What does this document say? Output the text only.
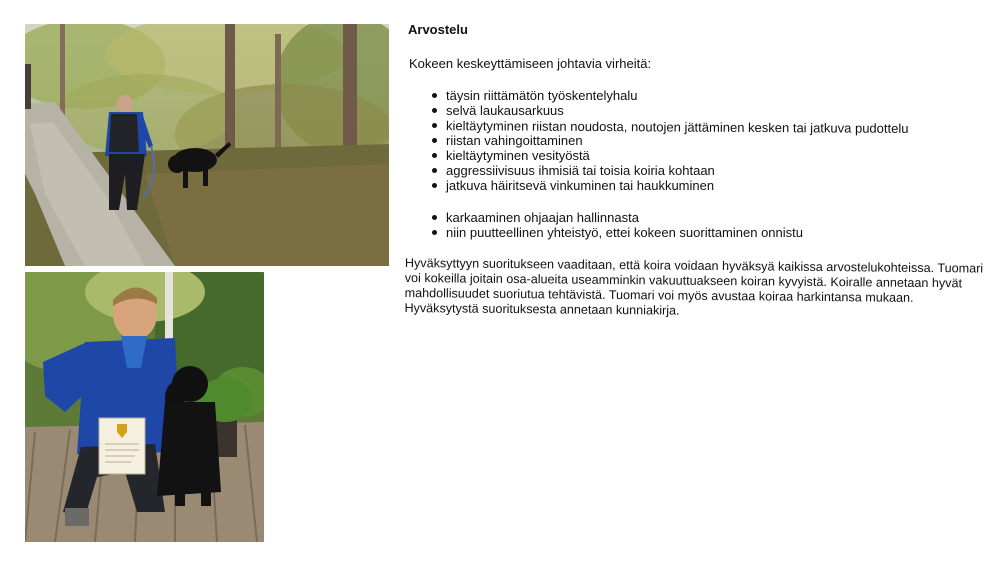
Arvostelu
Kokeen keskeyttämiseen johtavia virheitä:
täysin riittämätön työskentelyhalu
selvä laukausarkuus
kieltäytyminen riistan noudosta, noutojen jättäminen kesken tai jatkuva pudottelu
riistan vahingoittaminen
kieltäytyminen vesityöstä
aggressiivisuus ihmisiä tai toisia koiria kohtaan
jatkuva häiritsevä vinkuminen tai haukkuminen
karkaaminen ohjaajan hallinnasta
niin puutteellinen yhteistyö, ettei kokeen suorittaminen onnistu

Hyväksyttyyn suoritukseen vaaditaan, että koira voidaan hyväksyä kaikissa arvostelukohteissa. Tuomari voi kokeilla joitain osa-alueita useamminkin vakuuttuakseen koiran kyvyistä. Koiralle annetaan hyvät mahdollisuudet suoriutua tehtävistä. Tuomari voi myös avustaa koiraa harkintansa mukaan. Hyväksytystä suorituksesta annetaan kunniakirja.
